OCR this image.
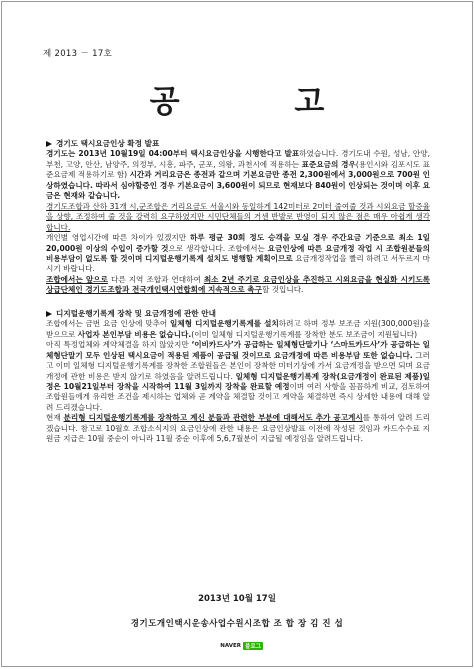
제 2013 － 17호
공 고
경기도 택시요금인상 확정 발표

경기도는 2013년 10월19일 04:00부터 택시요금인상을 시행한다고 발표하였습니다. 경기도내 수원, 성남, 안양, 부천, 고양, 안산, 남양주, 의정부, 시흥, 파주, 군포, 의왕, 과천시에 적용하는 표준요금의 경우(용인시와 김포시도 표준요금제 적용하기로 함) 시간과 거리요금은 종전과 같으며 기본요금만 종전 2,300원에서 3,000원으로 700원 인상하였습니다. 따라서 심야할증인 경우 기본요금이 3,600원이 되므로 현재보다 840원이 인상되는 것이며 이후 요금은 현재와 같습니다.

경기도조합과 산하 31개 시,군조합은 거리요금도 서울시와 동일하게 142미터로 2미터 줄여줄 것과 시외요금 할증율을 상향, 조정하여 줄 것을 강력히 요구하였지만 시민단체들의 거센 반발로 반영이 되지 않은 점은 매우 아쉽게 생각합니다.

개인별 영업시간에 따른 차이가 있겠지만 하루 평균 30회 정도 승객을 모실 경우 주간요금 기준으로 최소 1일 20,000원 이상의 수입이 증가할 것으로 생각합니다. 조합에서는 요금인상에 따른 요금개정 작업 시 조합원분들의 비용부담이 없도록 할 것이며 디지털운행기록계 설치도 병행할 계획이므로 요금개정작업을 빨리 하려고 서두르지 마시기 바랍니다.

조합에서는 앞으로 다른 지역 조합과 연대하여 최소 2년 주기로 요금인상을 추진하고 시외요금을 현실화 시키도록 상급단체인 경기도조합과 전국개인택시연합회에 지속적으로 촉구할 것입니다.

디지털운행기록계 장착 및 요금개정에 관한 안내

조합에서는 금번 요금 인상에 맞추어 일체형 디지털운행기록계를 설치하려고 하며 정부 보조금 지원(300,000원)을 받으므로 사업자 본인부담 비용은 없습니다.(이미 일체형 디지털운행기록계를 장착한 분도 보조금이 지원됩니다)

아직 특정업체와 계약체결을 하지 않았지만 ‘이비카드사’가 공급하는 일체형단말기나 ‘스마트카드사’가 공급하는 일체형단말기 모두 인상된 택시요금이 적용된 제품이 공급될 것이므로 요금개정에 따른 비용부담 또한 없습니다. 그러고 이미 일체형 디지털운행기록계를 장착한 조합원들은 본인이 장착한 미터기상에 가서 요금개정을 받으면 되며 요금개정에 관한 비용은 받지 않기로 하였음을 알려드립니다. 일체형 디지털운행기록계 장착(요금개정이 완료된 제품)일정은 10월21일부터 장착을 시작하여 11월 3일까지 장착을 완료할 예정이며 여러 사항을 꼼꼼하게 비교, 검토하여 조합원들에게 유리한 조건을 제시하는 업체와 곧 계약을 체결할 것이고 계약을 체결하면 즉시 상세한 내용에 대해 알려 드리겠습니다.

현재 분리형 디지털운행기록계를 장착하고 계신 분들과 관련한 부분에 대해서도 추가 공고게시를 통하여 알려 드리겠습니다. 참고로 10월호 조합소식지의 요금인상에 관한 내용은 요금인상발표 이전에 작성된 것임과 카드수수료 지원금 지급은 10월 중순이 아니라 11월 중순 이후에 5,6,7월분이 지급될 예정임을 알려드립니다.

2013년 10월 17일
경기도개인택시운송사업수원시조합 조 합 장 김 진 섭
NAVER 블로그
